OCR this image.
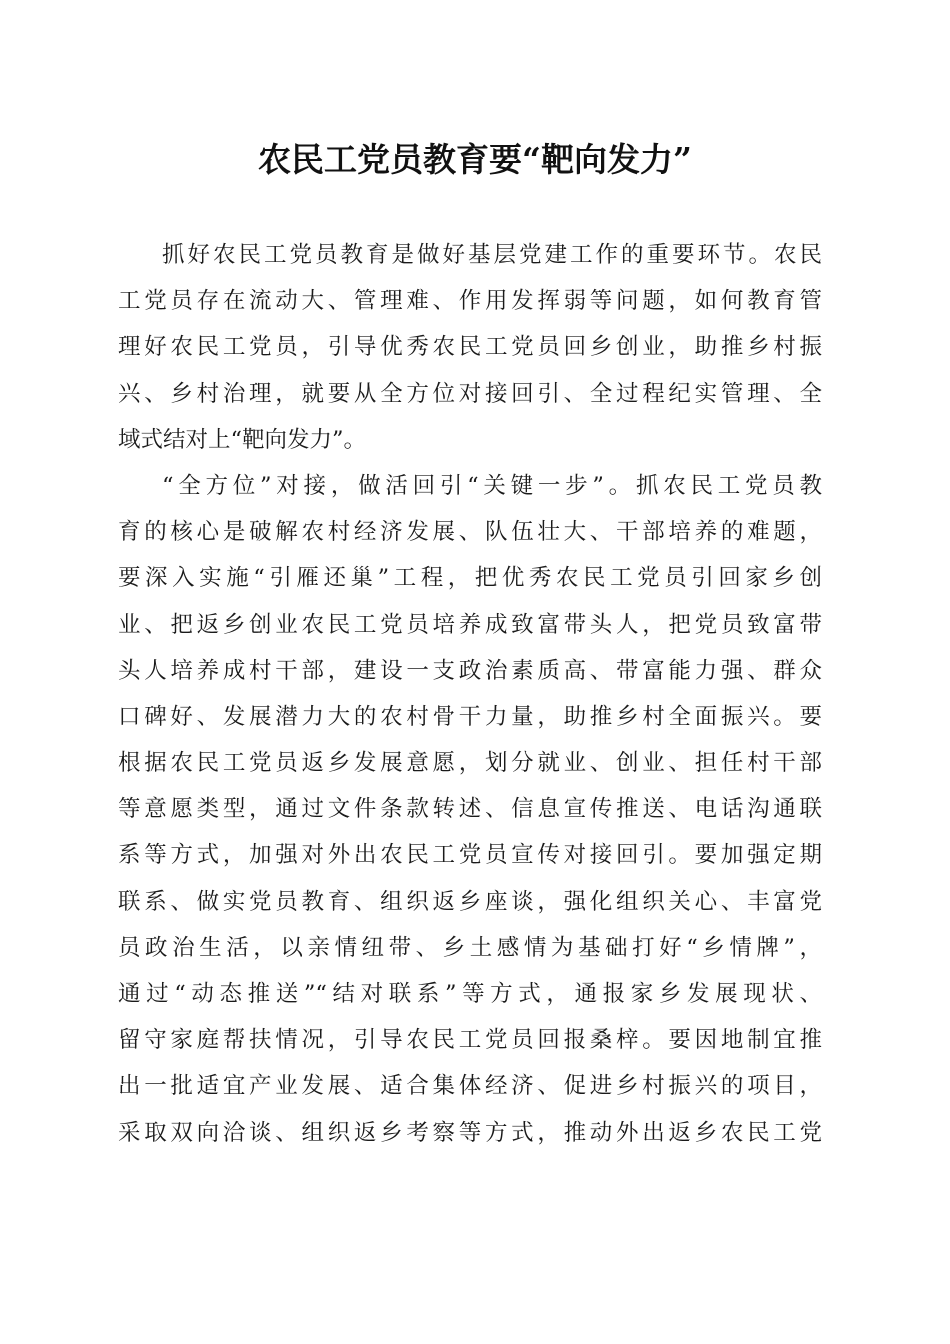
农民工党员教育要“靶向发力”
抓好农民工党员教育是做好基层党建工作的重要环节。农民
工党员存在流动大、管理难、作用发挥弱等问题，如何教育管
理好农民工党员，引导优秀农民工党员回乡创业，助推乡村振
兴、乡村治理，就要从全方位对接回引、全过程纪实管理、全
域式结对上“靶向发力”。
“全方位”对接，做活回引“关键一步”。抓农民工党员教
育的核心是破解农村经济发展、队伍壮大、干部培养的难题，
要深入实施“引雁还巢”工程，把优秀农民工党员引回家乡创
业、把返乡创业农民工党员培养成致富带头人，把党员致富带
头人培养成村干部，建设一支政治素质高、带富能力强、群众
口碑好、发展潜力大的农村骨干力量，助推乡村全面振兴。要
根据农民工党员返乡发展意愿，划分就业、创业、担任村干部
等意愿类型，通过文件条款转述、信息宣传推送、电话沟通联
系等方式，加强对外出农民工党员宣传对接回引。要加强定期
联系、做实党员教育、组织返乡座谈，强化组织关心、丰富党
员政治生活，以亲情纽带、乡土感情为基础打好“乡情牌”，
通过“动态推送”“结对联系”等方式，通报家乡发展现状、
留守家庭帮扶情况，引导农民工党员回报桑梓。要因地制宜推
出一批适宜产业发展、适合集体经济、促进乡村振兴的项目，
采取双向洽谈、组织返乡考察等方式，推动外出返乡农民工党
